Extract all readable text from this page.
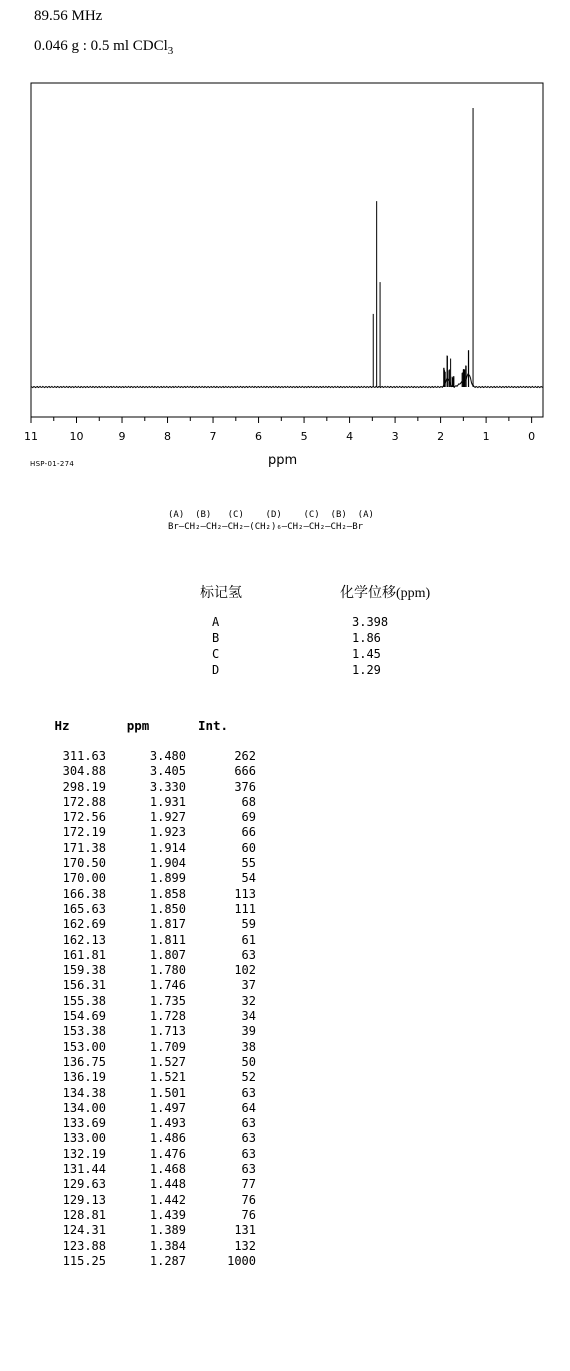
89.56 MHz
0.046 g : 0.5 ml CDCl$_3$
11	10	9	8	7	6	5	4	3	2	1	0
HSP-01-274	ppm
(A)  (B)   (C)    (D)    (C)  (B)  (A)
Br—CH₂—CH₂—CH₂—(CH₂)₆—CH₂—CH₂—CH₂—Br
标记氢	化学位移(ppm)
A	3.398
B	1.86
C	1.45
D	1.29
Hz	ppm	Int.
311.63	3.480	262
304.88	3.405	666
298.19	3.330	376
172.88	1.931	68
172.56	1.927	69
172.19	1.923	66
171.38	1.914	60
170.50	1.904	55
170.00	1.899	54
166.38	1.858	113
165.63	1.850	111
162.69	1.817	59
162.13	1.811	61
161.81	1.807	63
159.38	1.780	102
156.31	1.746	37
155.38	1.735	32
154.69	1.728	34
153.38	1.713	39
153.00	1.709	38
136.75	1.527	50
136.19	1.521	52
134.38	1.501	63
134.00	1.497	64
133.69	1.493	63
133.00	1.486	63
132.19	1.476	63
131.44	1.468	63
129.63	1.448	77
129.13	1.442	76
128.81	1.439	76
124.31	1.389	131
123.88	1.384	132
115.25	1.287	1000
